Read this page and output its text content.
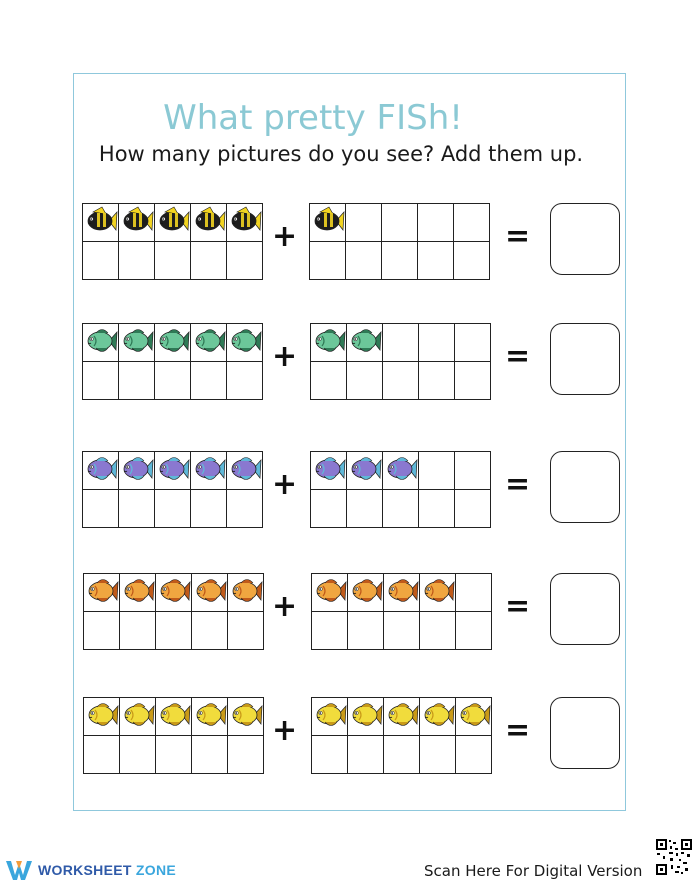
What pretty FISh!
How many pictures do you see? Add them up.
+	=
+	=
+	=
+	=
+	=
WORKSHEET ZONE	Scan Here For Digital Version
